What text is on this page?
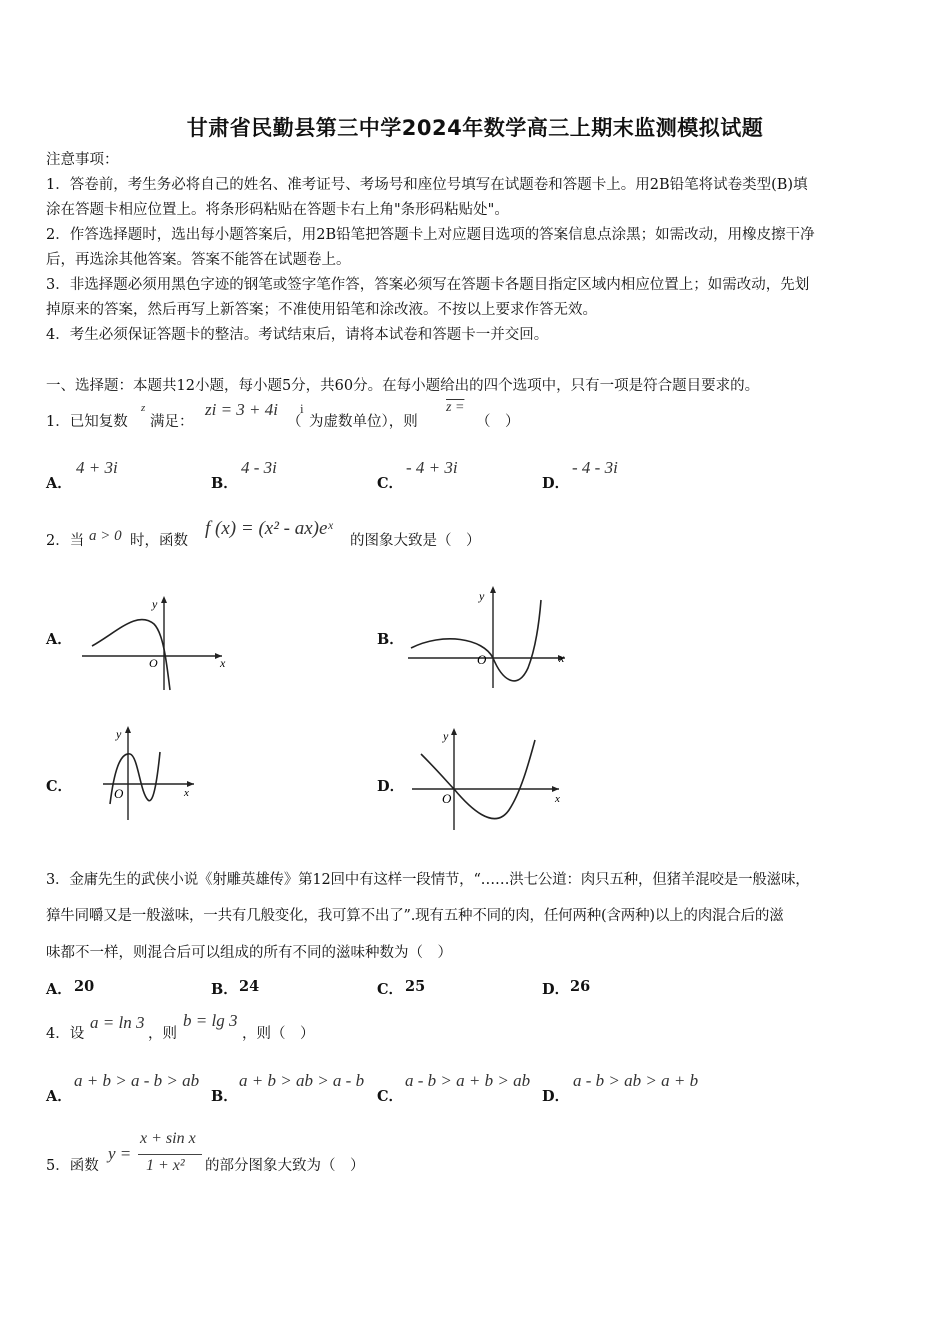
甘肃省民勤县第三中学2024年数学高三上期末监测模拟试题
注意事项：
1．答卷前，考生务必将自己的姓名、准考证号、考场号和座位号填写在试题卷和答题卡上。用2B铅笔将试卷类型(B)填
涂在答题卡相应位置上。将条形码粘贴在答题卡右上角"条形码粘贴处"。
2．作答选择题时，选出每小题答案后，用2B铅笔把答题卡上对应题目选项的答案信息点涂黑；如需改动，用橡皮擦干净
后，再选涂其他答案。答案不能答在试题卷上。
3．非选择题必须用黑色字迹的钢笔或签字笔作答，答案必须写在答题卡各题目指定区域内相应位置上；如需改动，先划
掉原来的答案，然后再写上新答案；不准使用铅笔和涂改液。不按以上要求作答无效。
4．考生必须保证答题卡的整洁。考试结束后，请将本试卷和答题卡一并交回。
一、选择题：本题共12小题，每小题5分，共60分。在每小题给出的四个选项中，只有一项是符合题目要求的。
1．已知复数
z
满足：
zi = 3 + 4i
（
i
为虚数单位），则
z =
（　）
A．
4 + 3i
B．
4 - 3i
C．
- 4 + 3i
D．
- 4 - 3i
2．当 a > 0 时，函数
f (x) = (x² - ax)eˣ
的图象大致是（　）
A．	B．
C．	D．
x
y
O	x
y
O
x
y
O	x
y
O
3．金庸先生的武侠小说《射雕英雄传》第12回中有这样一段情节，“……洪七公道：肉只五种，但猪羊混咬是一般滋味，
獐牛同嚼又是一般滋味，一共有几般变化，我可算不出了”.现有五种不同的肉，任何两种(含两种)以上的肉混合后的滋
味都不一样，则混合后可以组成的所有不同的滋味种数为（　）
A． 20	B． 24	C． 25	D． 26
4．设
a = ln 3
，则
b = lg 3
，则（　）
A．
a + b > a - b > ab
B．
a + b > ab > a - b
C．
a - b > a + b > ab
D．
a - b > ab > a + b
5．函数
y =
x + sin x
1 + x² 的部分图象大致为（　）
